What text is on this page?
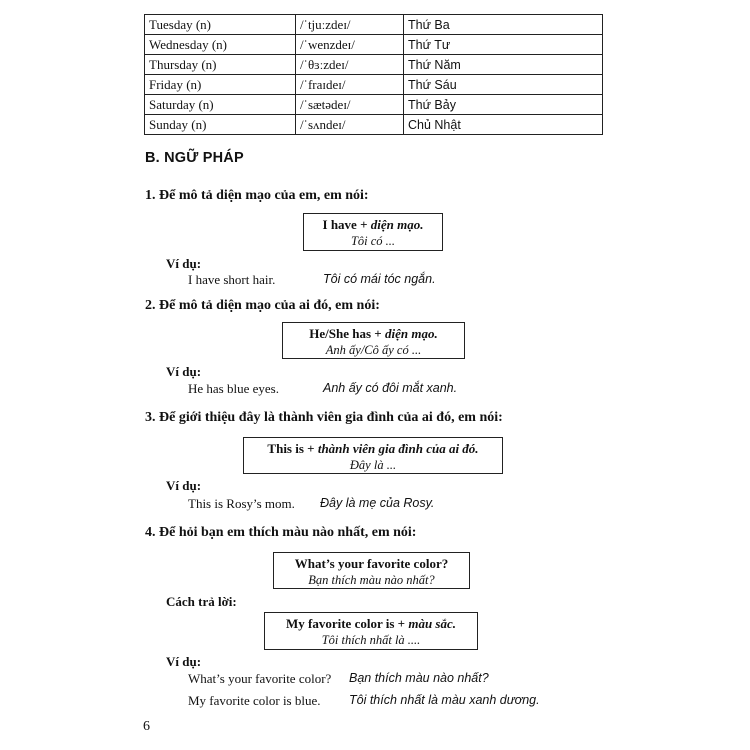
Tuesday (n)	/ˈtjuːzdeɪ/	Thứ Ba
Wednesday (n)	/ˈwenzdeɪ/	Thứ Tư
Thursday (n)	/ˈθɜːzdeɪ/	Thứ Năm
Friday (n)	/ˈfraɪdeɪ/	Thứ Sáu
Saturday (n)	/ˈsætədeɪ/	Thứ Bảy
Sunday (n)	/ˈsʌndeɪ/	Chủ Nhật
B. NGỮ PHÁP
1. Để mô tả diện mạo của em, em nói:
I have + diện mạo.
Tôi có ...
Ví dụ:
I have short hair.	Tôi có mái tóc ngắn.
2. Để mô tả diện mạo của ai đó, em nói:
He/She has + diện mạo.
Anh ấy/Cô ấy có ...
Ví dụ:
He has blue eyes.	Anh ấy có đôi mắt xanh.
3. Để giới thiệu đây là thành viên gia đình của ai đó, em nói:
This is + thành viên gia đình của ai đó.
Đây là ...
Ví dụ:
This is Rosy’s mom. Đây là mẹ của Rosy.
4. Để hỏi bạn em thích màu nào nhất, em nói:
What’s your favorite color?
Bạn thích màu nào nhất?
Cách trả lời:
My favorite color is + màu sắc.
Tôi thích nhất là ....
Ví dụ:
What’s your favorite color? Bạn thích màu nào nhất?
My favorite color is blue. Tôi thích nhất là màu xanh dương.
6
